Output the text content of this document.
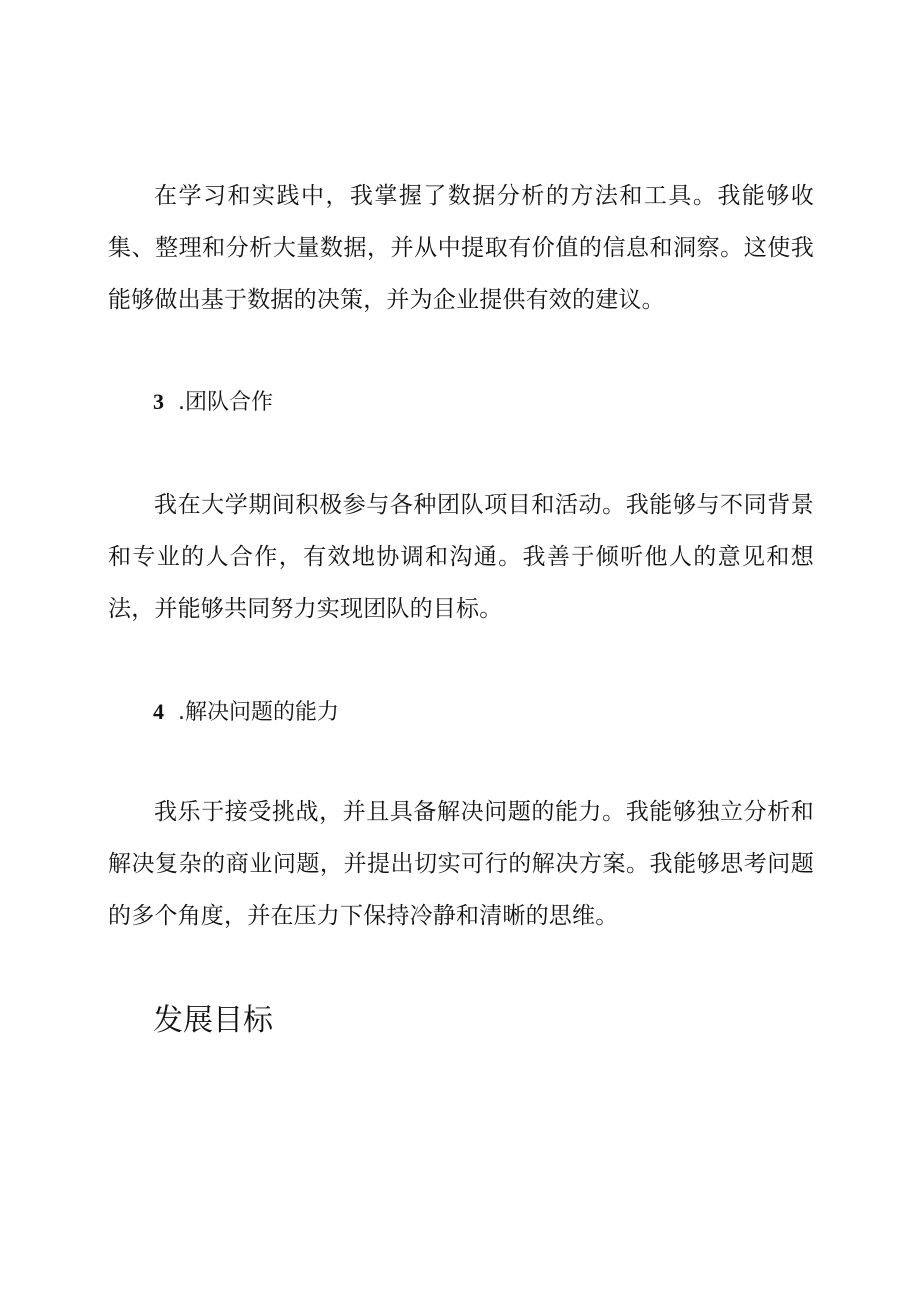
在学习和实践中，我掌握了数据分析的方法和工具。我能够收集、整理和分析大量数据，并从中提取有价值的信息和洞察。这使我能够做出基于数据的决策，并为企业提供有效的建议。

3 .团队合作

我在大学期间积极参与各种团队项目和活动。我能够与不同背景和专业的人合作，有效地协调和沟通。我善于倾听他人的意见和想法，并能够共同努力实现团队的目标。

4 .解决问题的能力

我乐于接受挑战，并且具备解决问题的能力。我能够独立分析和解决复杂的商业问题，并提出切实可行的解决方案。我能够思考问题的多个角度，并在压力下保持冷静和清晰的思维。

发展目标
